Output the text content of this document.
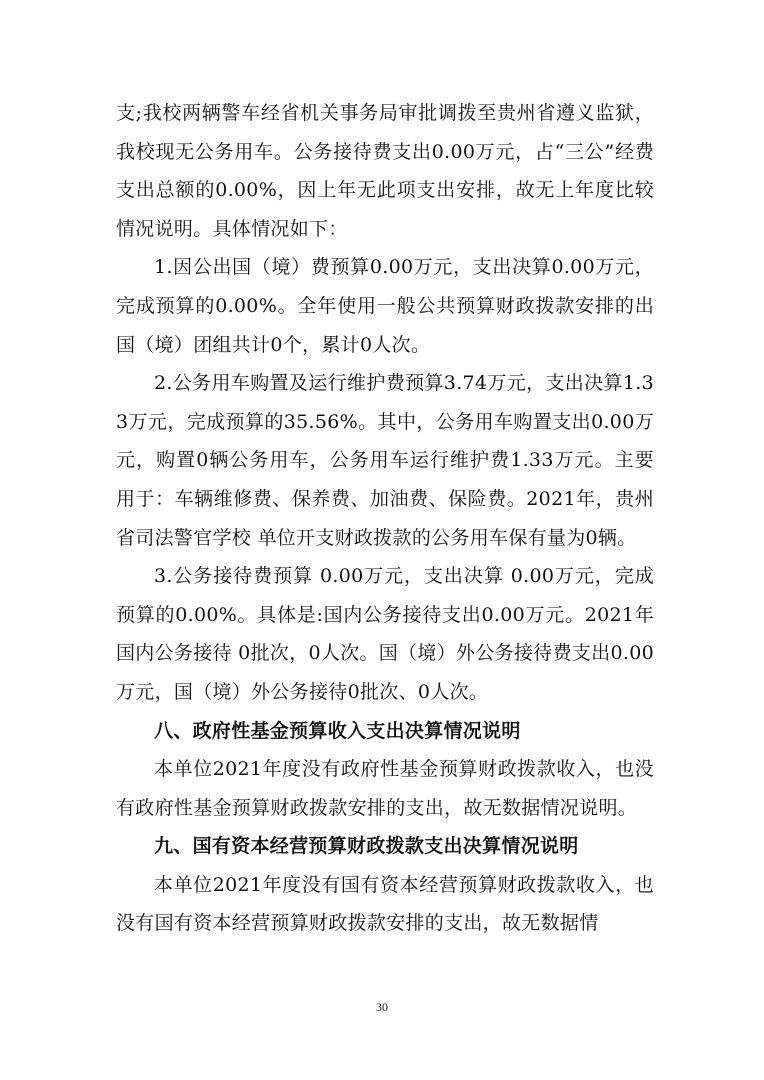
支;我校两辆警车经省机关事务局审批调拨至贵州省遵义监狱，我校现无公务用车。公务接待费支出0.00万元，占“三公”经费支出总额的0.00%，因上年无此项支出安排，故无上年度比较情况说明。具体情况如下：

1.因公出国（境）费预算0.00万元，支出决算0.00万元，完成预算的0.00%。全年使用一般公共预算财政拨款安排的出国（境）团组共计0个，累计0人次。

2.公务用车购置及运行维护费预算3.74万元，支出决算1.33万元，完成预算的35.56%。其中，公务用车购置支出0.00万元，购置0辆公务用车，公务用车运行维护费1.33万元。主要用于：车辆维修费、保养费、加油费、保险费。2021年，贵州省司法警官学校 单位开支财政拨款的公务用车保有量为0辆。

3.公务接待费预算 0.00万元，支出决算 0.00万元，完成预算的0.00%。具体是:国内公务接待支出0.00万元。2021年国内公务接待 0批次，0人次。国（境）外公务接待费支出0.00万元，国（境）外公务接待0批次、0人次。

八、政府性基金预算收入支出决算情况说明

本单位2021年度没有政府性基金预算财政拨款收入，也没有政府性基金预算财政拨款安排的支出，故无数据情况说明。

九、国有资本经营预算财政拨款支出决算情况说明

本单位2021年度没有国有资本经营预算财政拨款收入，也没有国有资本经营预算财政拨款安排的支出，故无数据情

30
